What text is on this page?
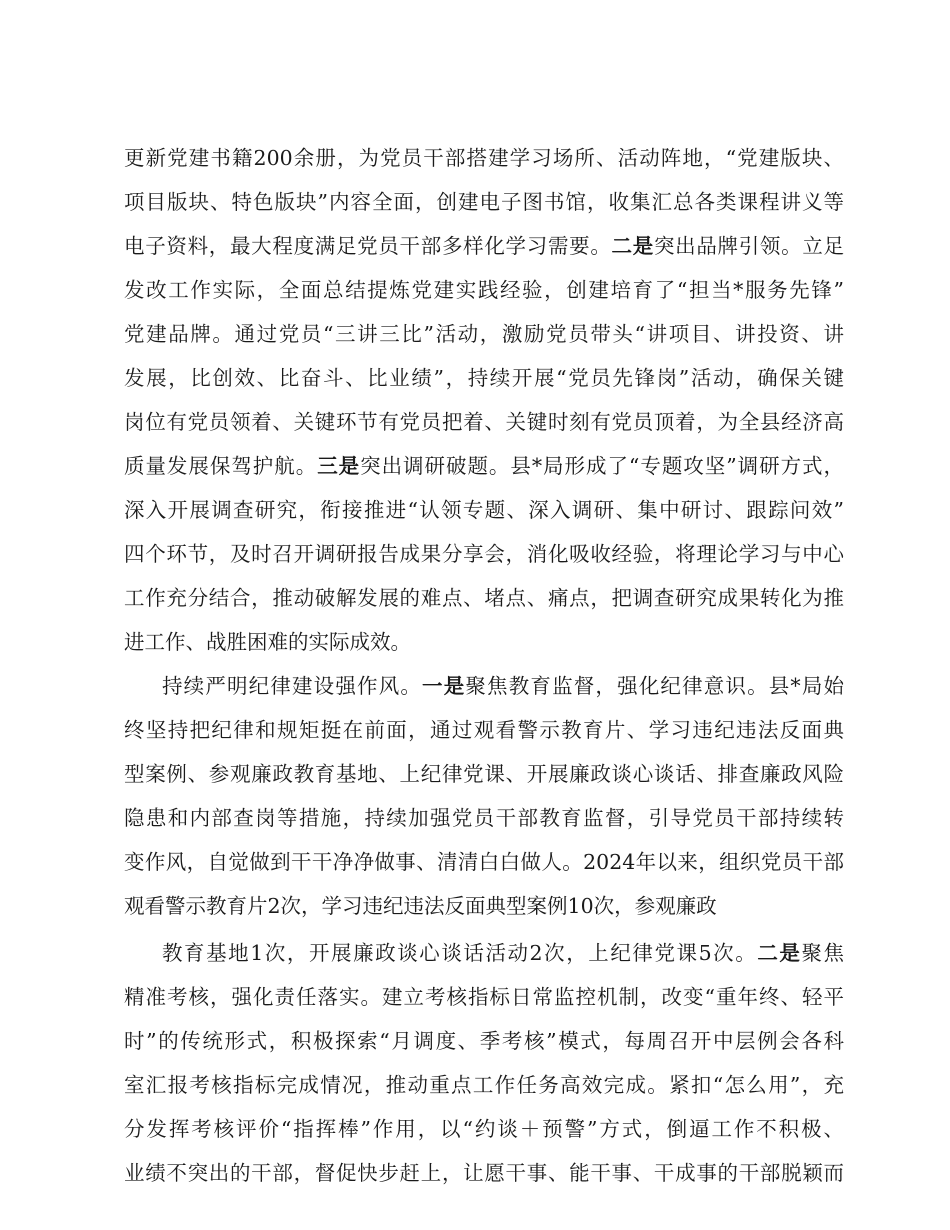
更新党建书籍200余册，为党员干部搭建学习场所、活动阵地，“党建版块、
项目版块、特色版块”内容全面，创建电子图书馆，收集汇总各类课程讲义等
电子资料，最大程度满足党员干部多样化学习需要。二是突出品牌引领。立足
发改工作实际，全面总结提炼党建实践经验，创建培育了“担当*服务先锋”
党建品牌。通过党员“三讲三比”活动，激励党员带头“讲项目、讲投资、讲
发展，比创效、比奋斗、比业绩”，持续开展“党员先锋岗”活动，确保关键
岗位有党员领着、关键环节有党员把着、关键时刻有党员顶着，为全县经济高
质量发展保驾护航。三是突出调研破题。县*局形成了“专题攻坚”调研方式，
深入开展调查研究，衔接推进“认领专题、深入调研、集中研讨、跟踪问效”
四个环节，及时召开调研报告成果分享会，消化吸收经验，将理论学习与中心
工作充分结合，推动破解发展的难点、堵点、痛点，把调查研究成果转化为推
进工作、战胜困难的实际成效。
持续严明纪律建设强作风。一是聚焦教育监督，强化纪律意识。县*局始
终坚持把纪律和规矩挺在前面，通过观看警示教育片、学习违纪违法反面典
型案例、参观廉政教育基地、上纪律党课、开展廉政谈心谈话、排查廉政风险
隐患和内部查岗等措施，持续加强党员干部教育监督，引导党员干部持续转
变作风，自觉做到干干净净做事、清清白白做人。2024年以来，组织党员干部
观看警示教育片2次，学习违纪违法反面典型案例10次，参观廉政
教育基地1次，开展廉政谈心谈话活动2次，上纪律党课5次。二是聚焦
精准考核，强化责任落实。建立考核指标日常监控机制，改变“重年终、轻平
时”的传统形式，积极探索“月调度、季考核”模式，每周召开中层例会各科
室汇报考核指标完成情况，推动重点工作任务高效完成。紧扣“怎么用”，充
分发挥考核评价“指挥棒”作用，以“约谈＋预警”方式，倒逼工作不积极、
业绩不突出的干部，督促快步赶上，让愿干事、能干事、干成事的干部脱颖而
